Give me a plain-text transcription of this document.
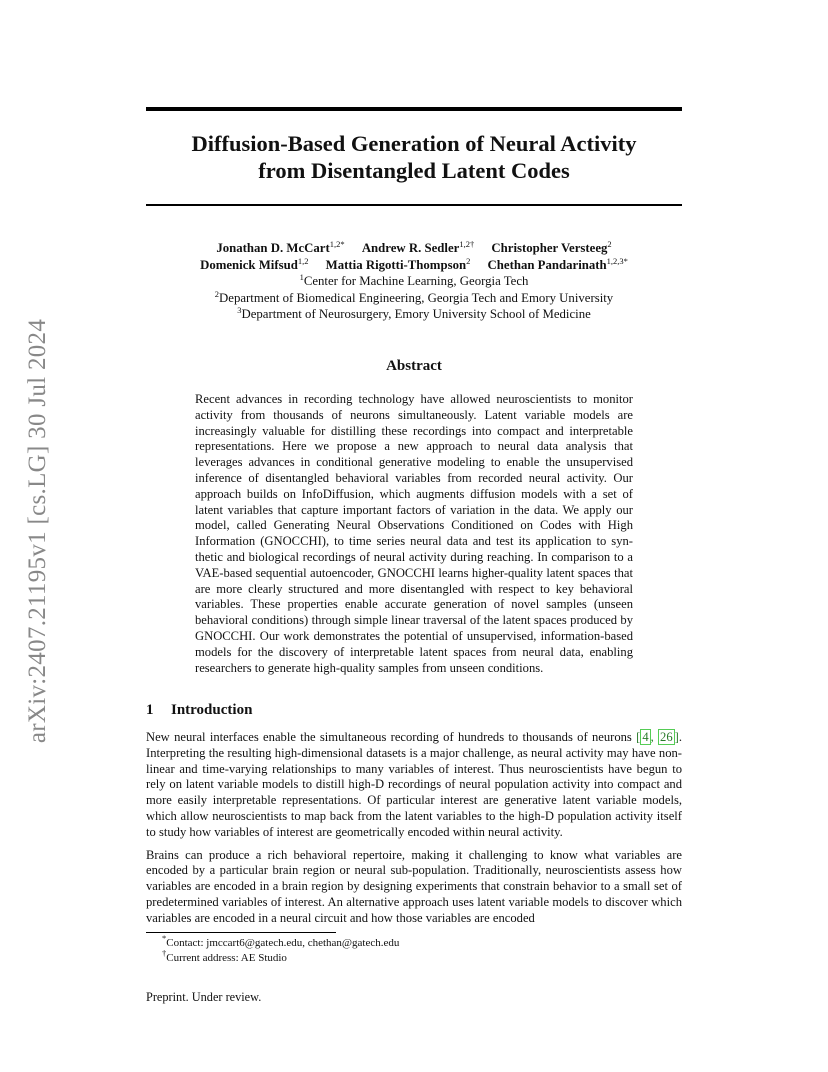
arXiv:2407.21195v1 [cs.LG] 30 Jul 2024
Diffusion-Based Generation of Neural Activity
from Disentangled Latent Codes
Jonathan D. McCart$^{1,2*}$ Andrew R. Sedler$^{1,2\dagger}$ Christopher Versteeg$^2$
Domenick Mifsud$^{1,2}$ Mattia Rigotti-Thompson$^2$ Chethan Pandarinath$^{1,2,3*}$
$^1$Center for Machine Learning, Georgia Tech
$^2$Department of Biomedical Engineering, Georgia Tech and Emory University
$^3$Department of Neurosurgery, Emory University School of Medicine
Abstract

Recent advances in recording technology have allowed neuroscientists to monitor activity from thousands of neurons simultaneously. Latent variable models are increasingly valuable for distilling these recordings into compact and interpretable representations. Here we propose a new approach to neural data analysis that leverages advances in conditional generative modeling to enable the unsupervised inference of disentangled behavioral variables from recorded neural activity. Our approach builds on InfoDiffusion, which augments diffusion models with a set of latent variables that capture important factors of variation in the data. We apply our model, called Generating Neural Observations Conditioned on Codes with High Information (GNOCCHI), to time series neural data and test its application to synthetic and biological recordings of neural activity during reaching. In comparison to a VAE-based sequential autoencoder, GNOCCHI learns higher-quality latent spaces that are more clearly structured and more disentangled with respect to key behavioral variables. These properties enable accurate generation of novel samples (unseen behavioral conditions) through simple linear traversal of the latent spaces produced by GNOCCHI. Our work demonstrates the potential of unsupervised, information-based models for the discovery of interpretable latent spaces from neural data, enabling researchers to generate high-quality samples from unseen conditions.

1 Introduction

New neural interfaces enable the simultaneous recording of hundreds to thousands of neurons [ 4 , 26 ]. Interpreting the resulting high-dimensional datasets is a major challenge, as neural activity may have non-linear and time-varying relationships to many variables of interest. Thus neuroscientists have begun to rely on latent variable models to distill high-D recordings of neural population activity into compact and more easily interpretable representations. Of particular interest are generative latent variable models, which allow neuroscientists to map back from the latent variables to the high-D population activity itself to study how variables of interest are geometrically encoded within neural activity.

Brains can produce a rich behavioral repertoire, making it challenging to know what variables are encoded by a particular brain region or neural sub-population. Traditionally, neuroscientists assess how variables are encoded in a brain region by designing experiments that constrain behavior to a small set of predetermined variables of interest. An alternative approach uses latent variable models to discover which variables are encoded in a neural circuit and how those variables are encoded

*Contact: jmccart6@gatech.edu, chethan@gatech.edu
†Current address: AE Studio
Preprint. Under review.
